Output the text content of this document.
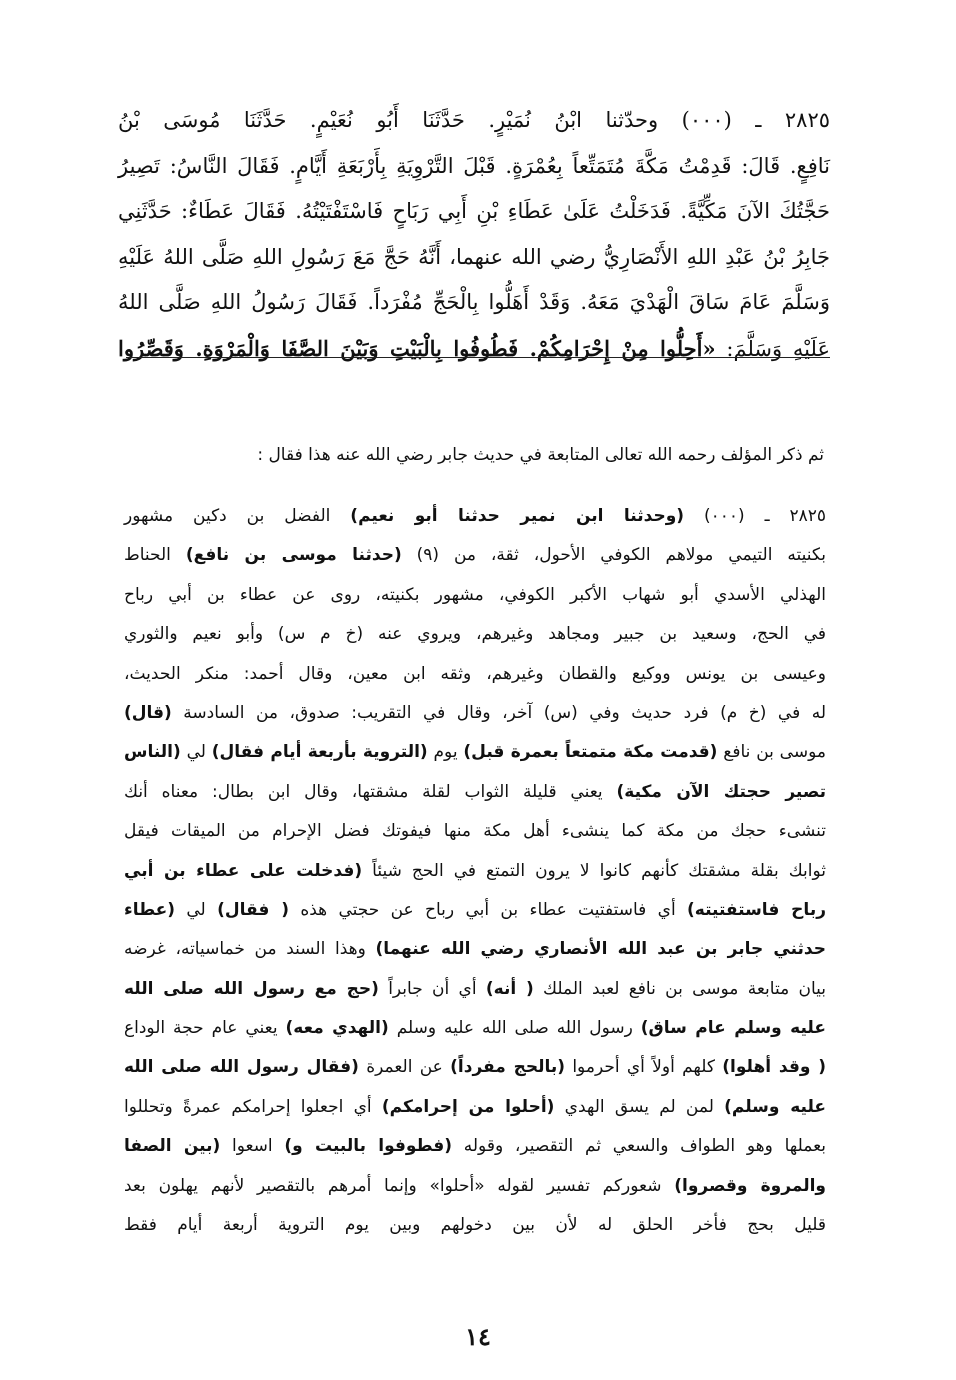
٢٨٢٥ ـ (٠٠٠) وحدّثنا ابْنُ نُمَيْرٍ. حَدَّثَنَا أَبُو نُعَيْمٍ. حَدَّثَنَا مُوسَى بْنُ
نَافِعٍ. قَالَ: قَدِمْتُ مَكَّةَ مُتَمَتِّعاً بِعُمْرَةٍ. قَبْلَ التَّرْوِيَةِ بِأَرْبَعَةِ أَيَّامٍ. فَقَالَ النَّاسُ: تَصِيرُ
حَجَّتُكَ الآنَ مَكِّيَّةً. فَدَخَلْتُ عَلَىٰ عَطَاءِ بْنِ أَبِي رَبَاحٍ فَاسْتَفْتَيْتُهُ. فَقَالَ عَطَاءٌ: حَدَّثَنِي
جَابِرُ بْنُ عَبْدِ اللهِ الأَنْصَارِيُّ رضي الله عنهما، أَنَّهُ حَجَّ مَعَ رَسُولِ اللهِ صَلَّى اللهُ عَلَيْهِ
وَسَلَّمَ عَامَ سَاقَ الْهَدْيَ مَعَهُ. وَقَدْ أَهَلُّوا بِالْحَجِّ مُفْرَداً. فَقَالَ رَسُولُ اللهِ صَلَّى اللهُ
عَلَيْهِ وَسَلَّمَ: «أَحِلُّوا مِنْ إِحْرَامِكُمْ. فَطُوفُوا بِالْبَيْتِ وَبَيْنَ الصَّفَا وَالْمَرْوَةِ. وَقَصِّرُوا
ثم ذكر المؤلف رحمه الله تعالى المتابعة في حديث جابر رضي الله عنه هذا فقال :
٢٨٢٥ ـ (٠٠٠) (وحدثنا ابن نمير حدثنا أبو نعيم) الفضل بن دكين مشهور
بكنيته التيمي مولاهم الكوفي الأحول، ثقة، من (٩) (حدثنا موسى بن نافع) الحناط
الهذلي الأسدي أبو شهاب الأكبر الكوفي، مشهور بكنيته، روى عن عطاء بن أبي رباح
في الحج، وسعيد بن جبير ومجاهد وغيرهم، ويروي عنه (خ م س) وأبو نعيم والثوري
وعيسى بن يونس ووكيع والقطان وغيرهم، وثقه ابن معين، وقال أحمد: منكر الحديث،
له في (خ م) فرد حديث وفي (س) آخر، وقال في التقريب: صدوق، من السادسة (قال)
موسى بن نافع (قدمت مكة متمتعاً بعمرة قبل) يوم (التروية بأربعة أيام فقال) لي (الناس
تصير حجتك الآن مكية) يعني قليلة الثواب لقلة مشقتها، وقال ابن بطال: معناه أنك
تنشىء حجك من مكة كما ينشىء أهل مكة منها فيفوتك فضل الإحرام من الميقات فيقل
ثوابك بقلة مشقتك كأنهم كانوا لا يرون التمتع في الحج شيئاً (فدخلت على عطاء بن أبي
رباح فاستفتيته) أي فاستفتيت عطاء بن أبي رباح عن حجتي هذه ( فقال) لي (عطاء
حدثني جابر بن عبد الله الأنصاري رضي الله عنهما) وهذا السند من خماسياته، غرضه
بيان متابعة موسى بن نافع لعبد الملك ( أنه) أي أن جابراً (حج مع رسول الله صلى الله
عليه وسلم عام ساق) رسول الله صلى الله عليه وسلم (الهدي معه) يعني عام حجة الوداع
( وقد أهلوا) كلهم أولاً أي أحرموا (بالحج مفرداً) عن العمرة (فقال رسول الله صلى الله
عليه وسلم) لمن لم يسق الهدي (أحلوا من إحرامكم) أي اجعلوا إحرامكم عمرةً وتحللوا
بعملها وهو الطواف والسعي ثم التقصير، وقوله (فطوفوا بالبيت و) اسعوا (بين الصفا
والمروة وقصروا) شعوركم تفسير لقوله «أحلوا» وإنما أمرهم بالتقصير لأنهم يهلون بعد
قليل بحج فأخر الحلق له لأن بين دخولهم وبين يوم التروية أربعة أيام فقط
١٤
